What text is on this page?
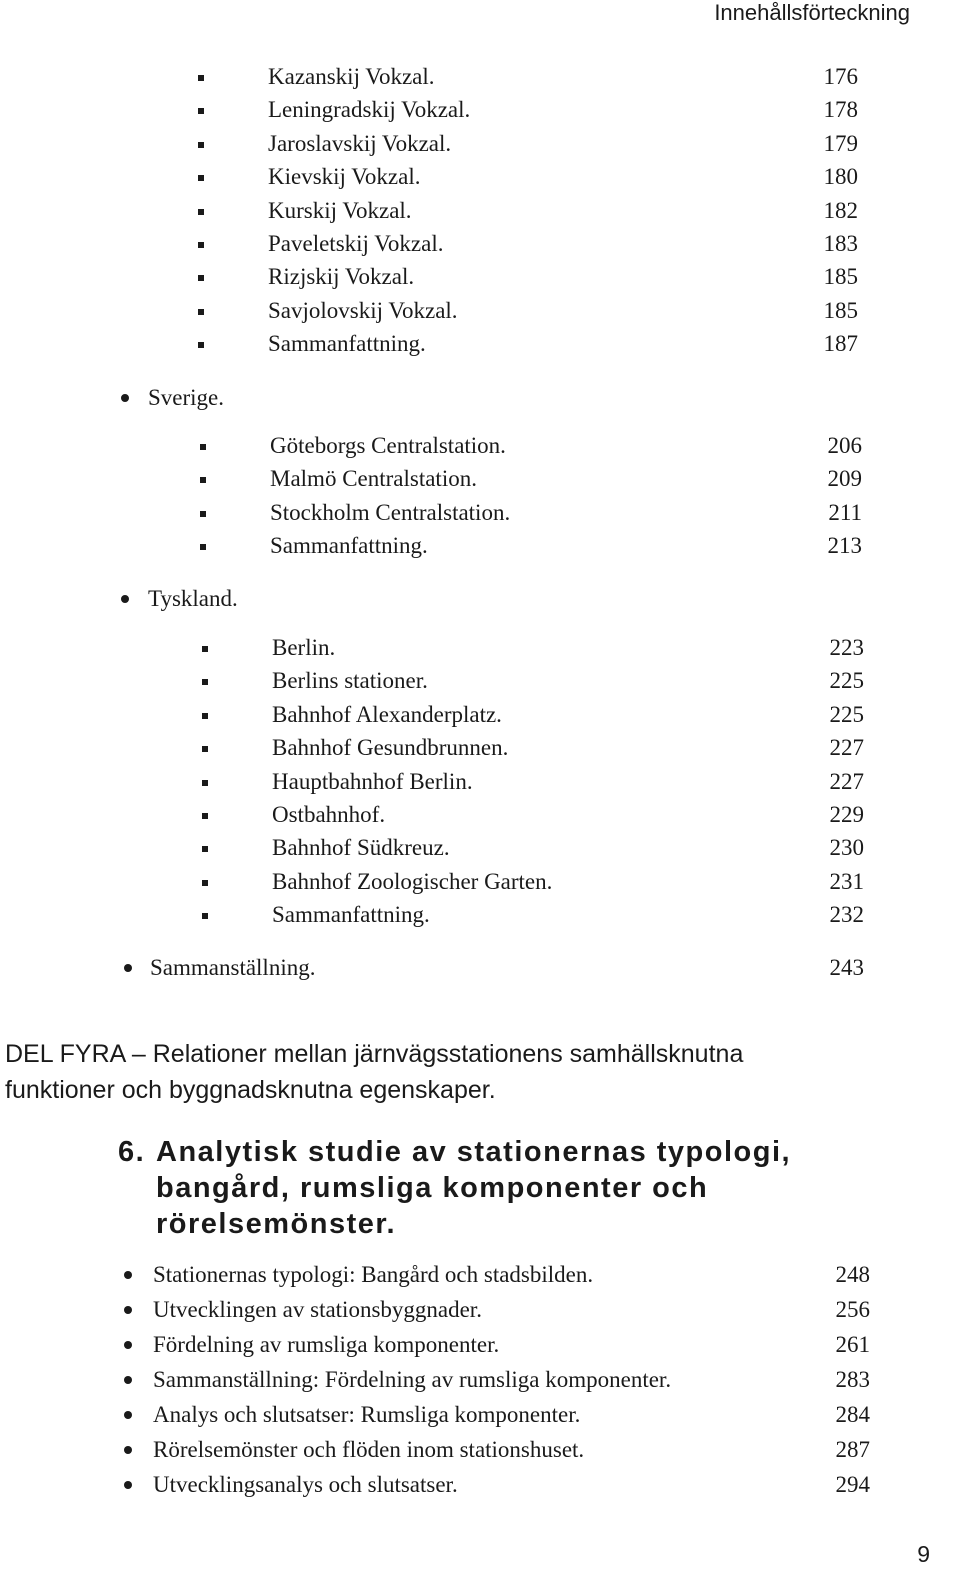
Innehållsförteckning
Kazanskij Vokzal.	176
Leningradskij Vokzal.	178
Jaroslavskij Vokzal.	179
Kievskij Vokzal.	180
Kurskij Vokzal.	182
Paveletskij Vokzal.	183
Rizjskij Vokzal.	185
Savjolovskij Vokzal.	185
Sammanfattning.	187
Sverige.
Göteborgs Centralstation.	206
Malmö Centralstation.	209
Stockholm Centralstation.	211
Sammanfattning.	213
Tyskland.
Berlin.	223
Berlins stationer.	225
Bahnhof Alexanderplatz.	225
Bahnhof Gesundbrunnen.	227
Hauptbahnhof Berlin.	227
Ostbahnhof.	229
Bahnhof Südkreuz.	230
Bahnhof Zoologischer Garten.	231
Sammanfattning.	232
Sammanställning.	243
DEL FYRA – Relationer mellan järnvägsstationens samhällsknutna funktioner och byggnadsknutna egenskaper.
6. Analytisk studie av stationernas typologi, bangård, rumsliga komponenter och rörelsemönster.
Stationernas typologi: Bangård och stadsbilden.	248
Utvecklingen av stationsbyggnader.	256
Fördelning av rumsliga komponenter.	261
Sammanställning: Fördelning av rumsliga komponenter.	283
Analys och slutsatser: Rumsliga komponenter.	284
Rörelsemönster och flöden inom stationshuset.	287
Utvecklingsanalys och slutsatser.	294
9
